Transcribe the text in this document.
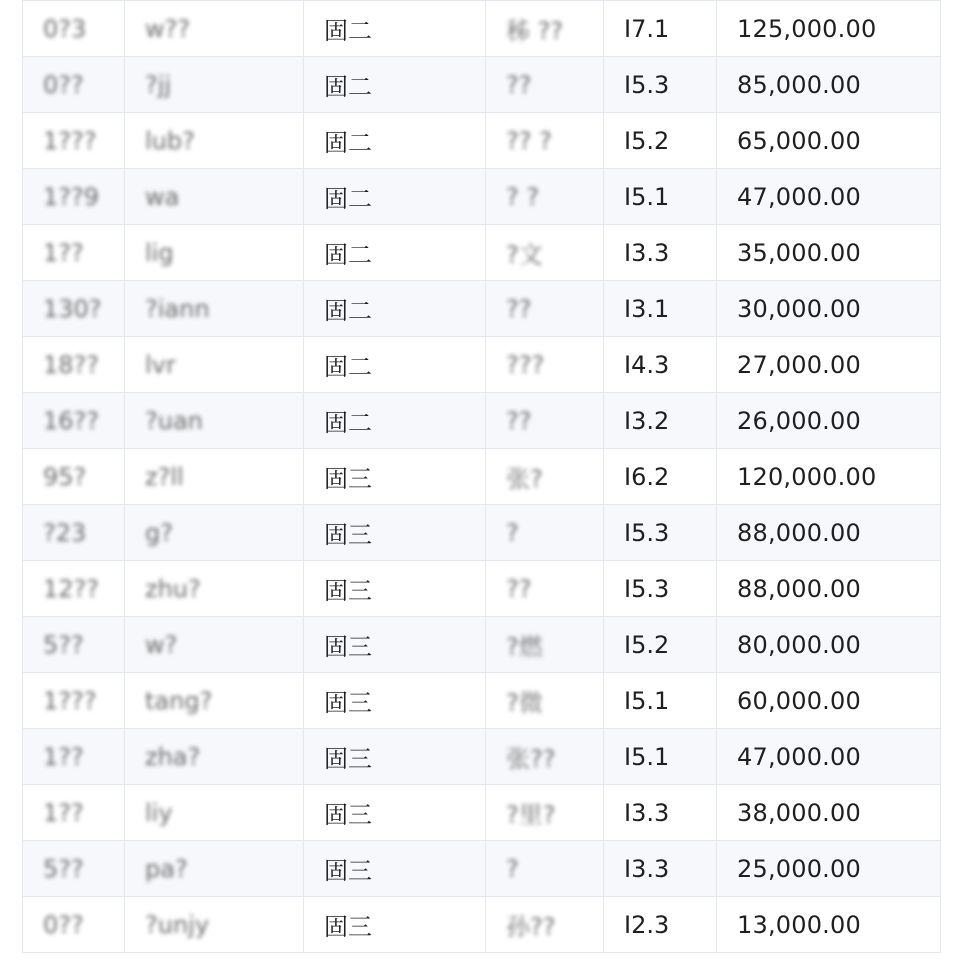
0?3	w??	固二	秭 ??	I7.1	125,000.00
0??	?jj	固二	??	I5.3	85,000.00
1???	lub?	固二	?? ?	I5.2	65,000.00
1??9	wa	固二	? ?	I5.1	47,000.00
1??	lig	固二	?文	I3.3	35,000.00
130?	?iann	固二	??	I3.1	30,000.00
18??	lvr	固二	???	I4.3	27,000.00
16??	?uan	固二	??	I3.2	26,000.00
95?	z?ll	固三	张?	I6.2	120,000.00
?23	g?	固三	?	I5.3	88,000.00
12??	zhu?	固三	??	I5.3	88,000.00
5??	w?	固三	?燃	I5.2	80,000.00
1???	tang?	固三	?微	I5.1	60,000.00
1??	zha?	固三	张??	I5.1	47,000.00
1??	liy	固三	?里?	I3.3	38,000.00
5??	pa?	固三	?	I3.3	25,000.00
0??	?unjy	固三	孙??	I2.3	13,000.00
